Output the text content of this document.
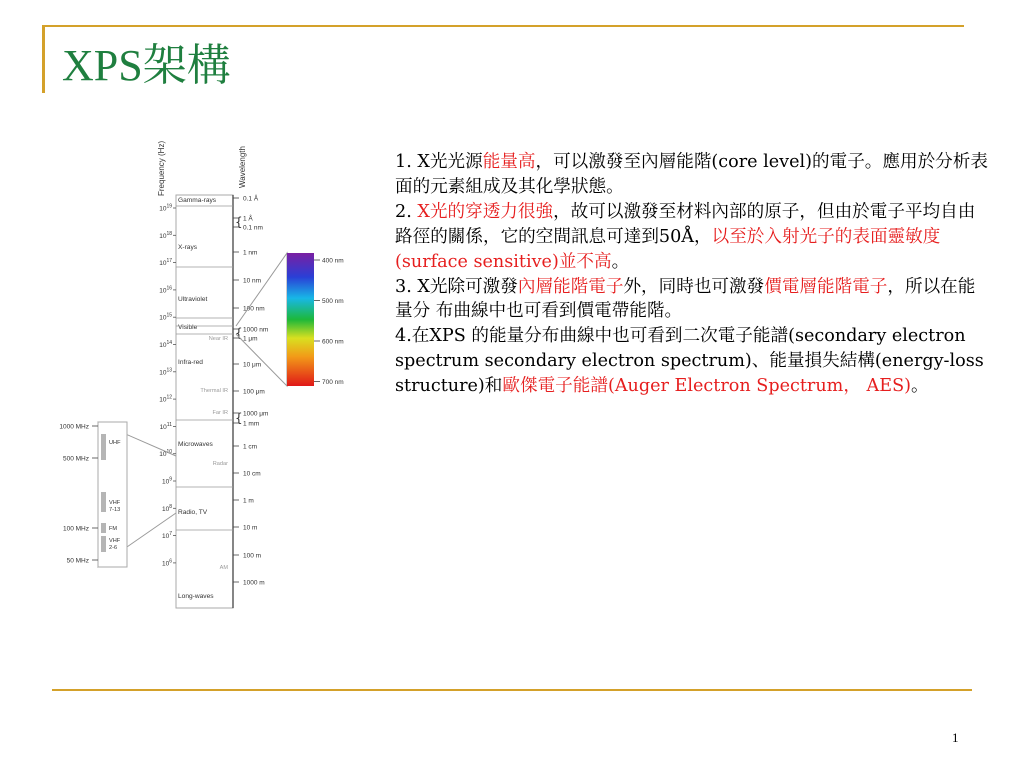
XPS架構
Frequency (Hz)	Wavelength
$10^{19}$
$10^{18}$
$10^{17}$
$10^{16}$
$10^{15}$
$10^{14}$
$10^{13}$
$10^{12}$
$10^{11}$
$10^{10}$
$10^9$
$10^8$
$10^7$
$10^6$
Gamma-rays
X-rays
Ultraviolet
Visible
Infra-red
Microwaves
Radio, TV
Long-waves
Near IR
Thermal IR
Far IR
Radar
AM
0.1 Å
1 Å
0.1 nm
1 nm
10 nm
100 nm
1000 nm
1 μm
10 μm
100 μm
1000 μm
1 mm
1 cm
10 cm
1 m
10 m
100 m
1000 m
{
{
{
400 nm
500 nm
600 nm
700 nm
1000 MHz
500 MHz
100 MHz
50 MHz
UHF
VHF 7-13
FM
VHF 2-6

1. X光光源能量高，可以激發至內層能階(core level)的電子。應用於分析表面的元素組成及其化學狀態。

2. X光的穿透力很強，故可以激發至材料內部的原子，但由於電子平均自由路徑的關係，它的空間訊息可達到50Å，以至於入射光子的表面靈敏度(surface sensitive)並不高。

3. X光除可激發內層能階電子外，同時也可激發價電層能階電子，所以在能量分 布曲線中也可看到價電帶能階。

4.在XPS 的能量分布曲線中也可看到二次電子能譜(secondary electron spectrum secondary electron spectrum)、能量損失結構(energy-loss structure)和歐傑電子能譜(Auger Electron Spectrum， AES)。

1
